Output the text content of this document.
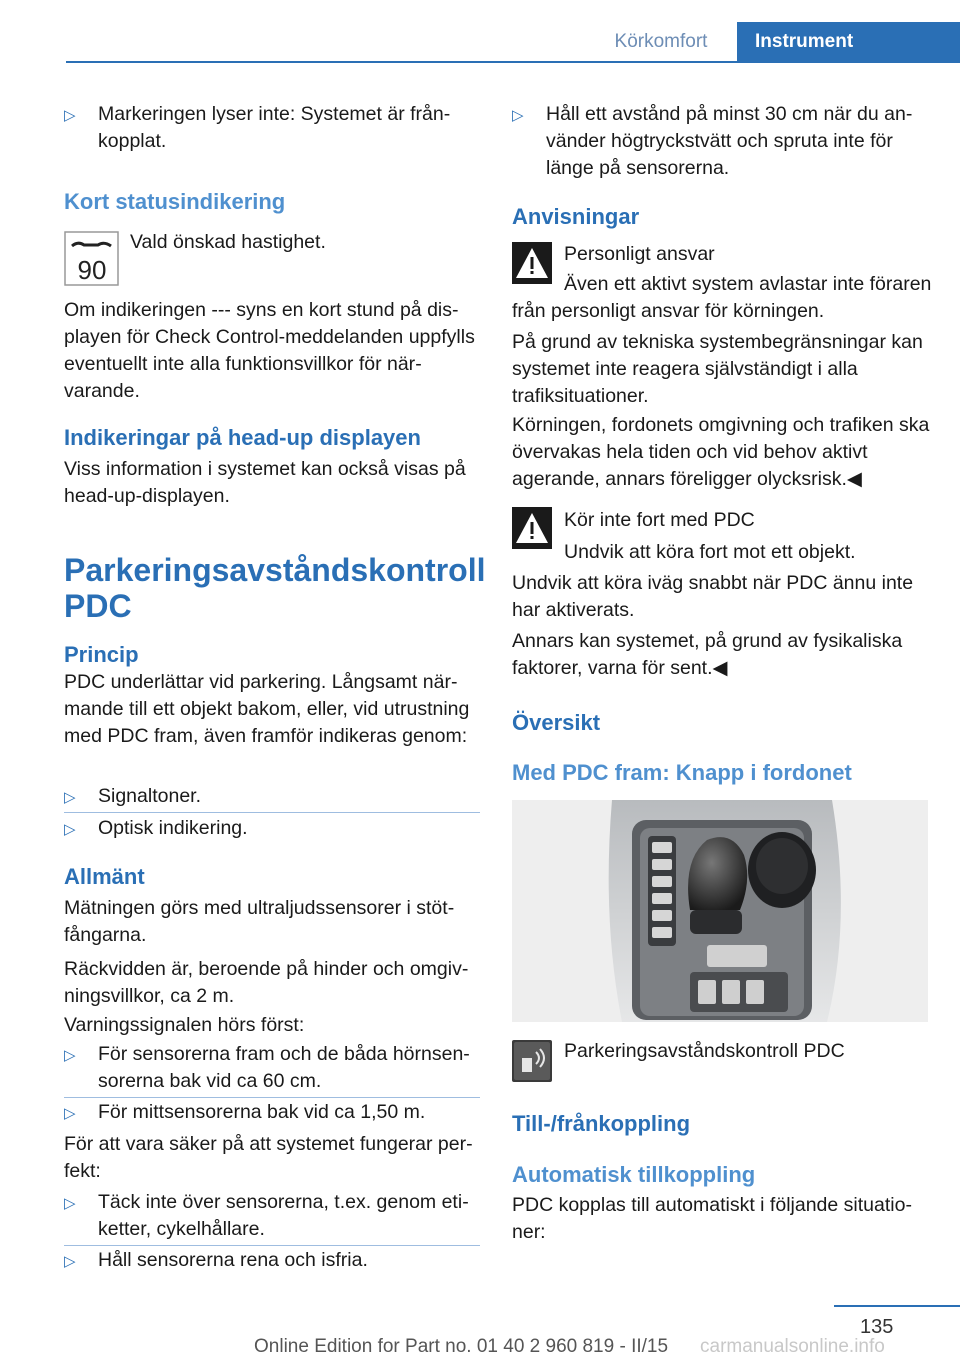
Körkomfort	Instrument
▷	Markeringen lyser inte: Systemet är frånkopplat.
Kort statusindikering
90
Vald önskad hastighet.
Om indikeringen --- syns en kort stund på displayen för Check Control-meddelanden uppfylls eventuellt inte alla funktionsvillkor för närvarande.
Indikeringar på head-up displayen
Viss information i systemet kan också visas på head-up-displayen.
Parkeringsavståndskontroll PDC
Princip
PDC underlättar vid parkering. Långsamt närmande till ett objekt bakom, eller, vid utrustning med PDC fram, även framför indikeras genom:
▷	Signaltoner.
▷	Optisk indikering.
Allmänt
Mätningen görs med ultraljudssensorer i stötfångarna.
Räckvidden är, beroende på hinder och omgivningsvillkor, ca 2 m.
Varningssignalen hörs först:
▷	För sensorerna fram och de båda hörnsensorerna bak vid ca 60 cm.
▷	För mittsensorerna bak vid ca 1,50 m.
För att vara säker på att systemet fungerar perfekt:
▷	Täck inte över sensorerna, t.ex. genom etiketter, cykelhållare.
▷	Håll sensorerna rena och isfria.
▷	Håll ett avstånd på minst 30 cm när du använder högtryckstvätt och spruta inte för länge på sensorerna.
Anvisningar
Personligt ansvar
Även ett aktivt system avlastar inte föraren från personligt ansvar för körningen.
På grund av tekniska systembegränsningar kan systemet inte reagera självständigt i alla trafiksituationer.
Körningen, fordonets omgivning och trafiken ska övervakas hela tiden och vid behov aktivt agerande, annars föreligger olycksrisk.◀
Kör inte fort med PDC
Undvik att köra fort mot ett objekt.
Undvik att köra iväg snabbt när PDC ännu inte har aktiverats.
Annars kan systemet, på grund av fysikaliska faktorer, varna för sent.◀
Översikt
Med PDC fram: Knapp i fordonet
Parkeringsavståndskontroll PDC
Till-/frånkoppling
Automatisk tillkoppling
PDC kopplas till automatiskt i följande situationer:
135
Online Edition for Part no. 01 40 2 960 819 - II/15 carmanualsonline.info
